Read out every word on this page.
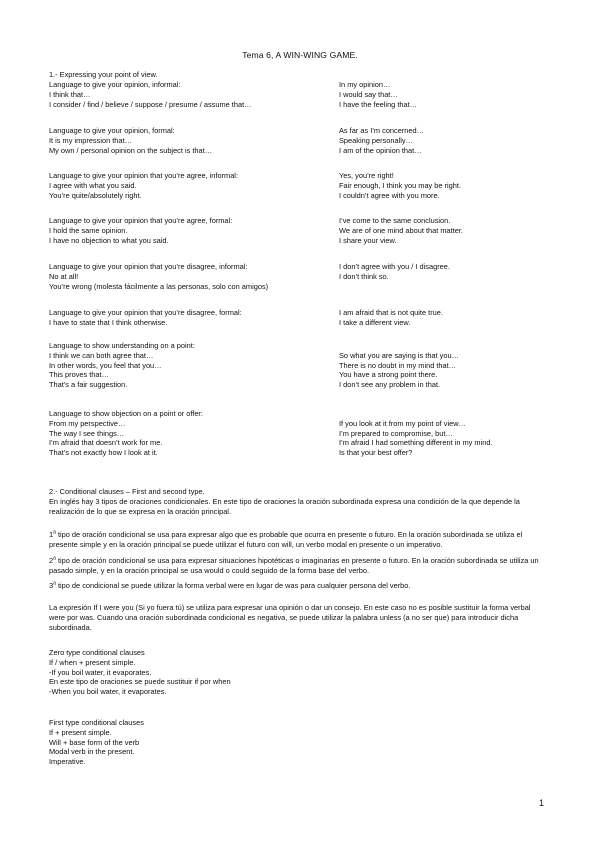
Tema 6, A WIN-WING GAME.
1.- Expressing your point of view.
Language to give your opinion, informal:
I think that…
I consider / find / believe / suppose / presume / assume that…
In my opinion…
I would say that…
I have the feeling that…
Language to give your opinion, formal:
It is my impression that…
My own / personal opinion on the subject is that…
As far as I’m concerned…
Speaking personally…
I am of the opinion that…
Language to give your opinion that you’re agree, informal:
I agree with what you said.
You’re quite/absolutely right.
Yes, you’re right!
Fair enough, I think you may be right.
I couldn’t agree with you more.
Language to give your opinion that you’re agree, formal:
I hold the same opinion.
I have no objection to what you said.
I’ve come to the same conclusion.
We are of one mind about that matter.
I share your view.
Language to give your opinion that you’re disagree, informal:
No at all!
You’re wrong (molesta fácilmente a las personas, solo con amigos)
I don’t agree with you / I disagree.
I don’t think so.
Language to give your opinion that you’re disagree, formal:
I have to state that I think otherwise.
I am afraid that is not quite true.
I take a different view.
Language to show understanding on a point:
I think we can both agree that…
In other words, you feel that you…
This proves that…
That’s a fair suggestion.

So what you are saying is that you…
There is no doubt in my mind that…
You have a strong point there.
I don’t see any problem in that.
Language to show objection on a point or offer:
From my perspective…
The way I see things…
I’m afraid that doesn’t work for me.
That’s not exactly how I look at it.

If you look at it from my point of view…
I’m prepared to compromise, but…
I’m afraid I had something different in my mind.
Is that your best offer?
2.- Conditional clauses – First and second type.
En inglés hay 3 tipos de oraciones condicionales. En este tipo de oraciones la oración subordinada expresa una condición de la que depende la realización de lo que se expresa en la oración principal.
1$^a$ tipo de oración condicional se usa para expresar algo que es probable que ocurra en presente o futuro. En la oración subordinada se utiliza el presente simple y en la oración principal se puede utilizar el futuro con will, un verbo modal en presente o un imperativo.
2$^a$ tipo de oración condicional se usa para expresar situaciones hipotéticas o imaginarias en presente o futuro. En la oración subordinada se utiliza un pasado simple, y en la oración principal se usa would o could seguido de la forma base del verbo.
3$^a$ tipo de condicional se puede utilizar la forma verbal were en lugar de was para cualquier persona del verbo.
La expresión If I were you (Si yo fuera tú) se utiliza para expresar una opinión o dar un consejo. En este caso no es posible sustituir la forma verbal were por was. Cuando una oración subordinada condicional es negativa, se puede utilizar la palabra unless (a no ser que) para introducir dicha subordinada.
Zero type conditional clauses
If / when + present simple.
-If you boil water, it evaporates.
En este tipo de oraciones se puede sustituir if por when
-When you boil water, it evaporates.
First type conditional clauses
If + present simple.
Will + base form of the verb
Modal verb in the present.
Imperative.
1
